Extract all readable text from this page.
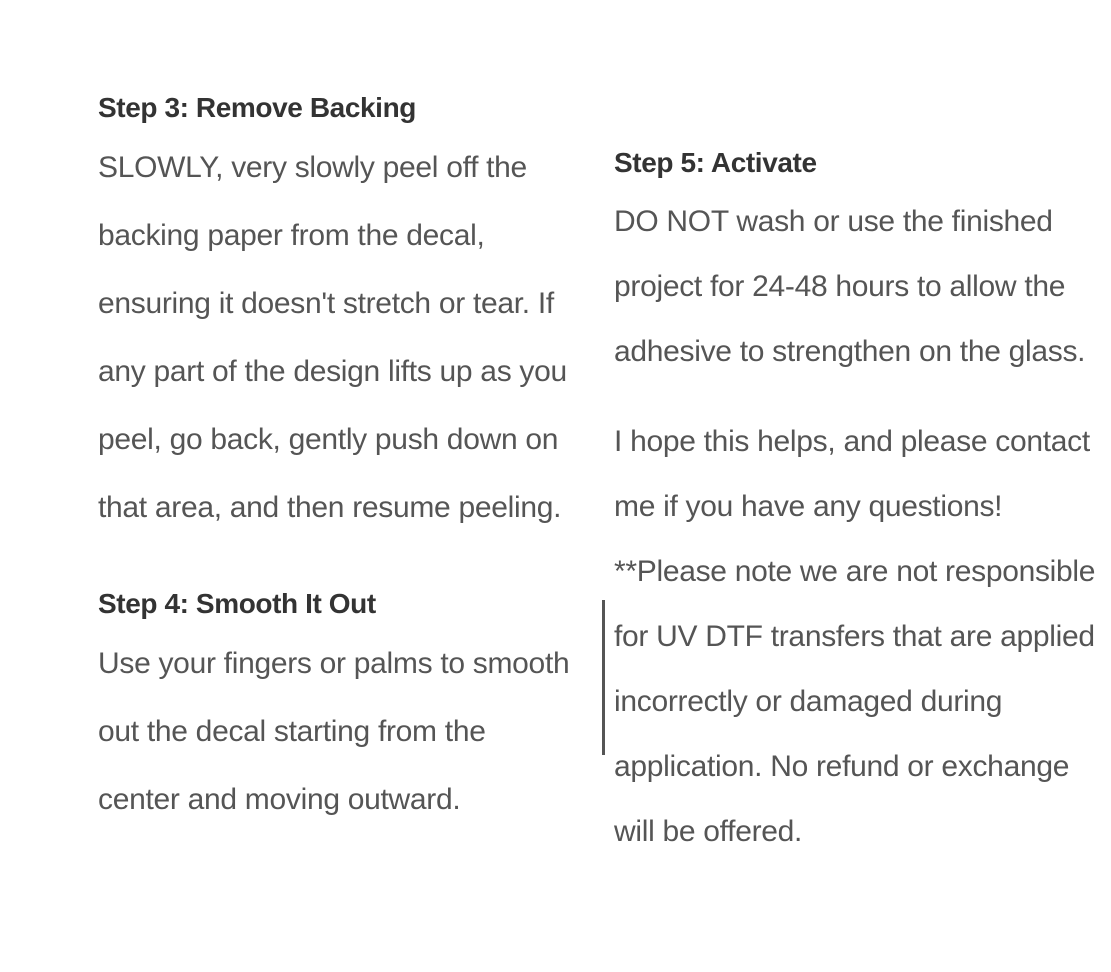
Step 3: Remove Backing

SLOWLY, very slowly peel off the
backing paper from the decal,
ensuring it doesn't stretch or tear. If
any part of the design lifts up as you
peel, go back, gently push down on
that area, and then resume peeling.

Step 4: Smooth It Out

Use your fingers or palms to smooth
out the decal starting from the
center and moving outward.

Step 5: Activate

DO NOT wash or use the finished
project for 24-48 hours to allow the
adhesive to strengthen on the glass.

I hope this helps, and please contact
me if you have any questions!
**Please note we are not responsible
for UV DTF transfers that are applied
incorrectly or damaged during
application. No refund or exchange
will be offered.
